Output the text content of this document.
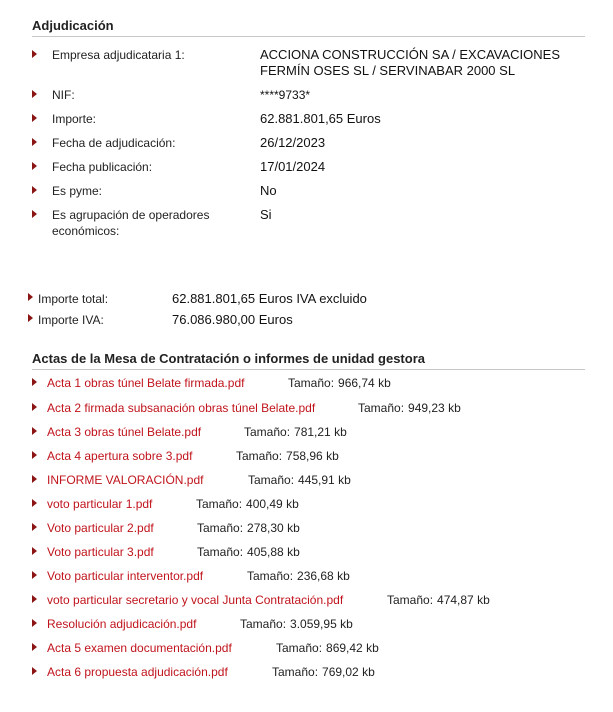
Adjudicación
Empresa adjudicataria 1:	ACCIONA CONSTRUCCIÓN SA / EXCAVACIONES FERMÍN OSES SL / SERVINABAR 2000 SL
NIF:	****9733*
Importe:	62.881.801,65 Euros
Fecha de adjudicación:	26/12/2023
Fecha publicación:	17/01/2024
Es pyme:	No
Es agrupación de operadores económicos:
Si
Importe total:	62.881.801,65 Euros IVA excluido
Importe IVA:	76.086.980,00 Euros
Actas de la Mesa de Contratación o informes de unidad gestora
Acta 1 obras túnel Belate firmada.pdf	Tamaño: 966,74 kb
Acta 2 firmada subsanación obras túnel Belate.pdf	Tamaño: 949,23 kb
Acta 3 obras túnel Belate.pdf	Tamaño: 781,21 kb
Acta 4 apertura sobre 3.pdf	Tamaño: 758,96 kb
INFORME VALORACIÓN.pdf	Tamaño: 445,91 kb
voto particular 1.pdf	Tamaño: 400,49 kb
Voto particular 2.pdf	Tamaño: 278,30 kb
Voto particular 3.pdf	Tamaño: 405,88 kb
Voto particular interventor.pdf	Tamaño: 236,68 kb
voto particular secretario y vocal Junta Contratación.pdf	Tamaño: 474,87 kb
Resolución adjudicación.pdf	Tamaño: 3.059,95 kb
Acta 5 examen documentación.pdf	Tamaño: 869,42 kb
Acta 6 propuesta adjudicación.pdf	Tamaño: 769,02 kb
